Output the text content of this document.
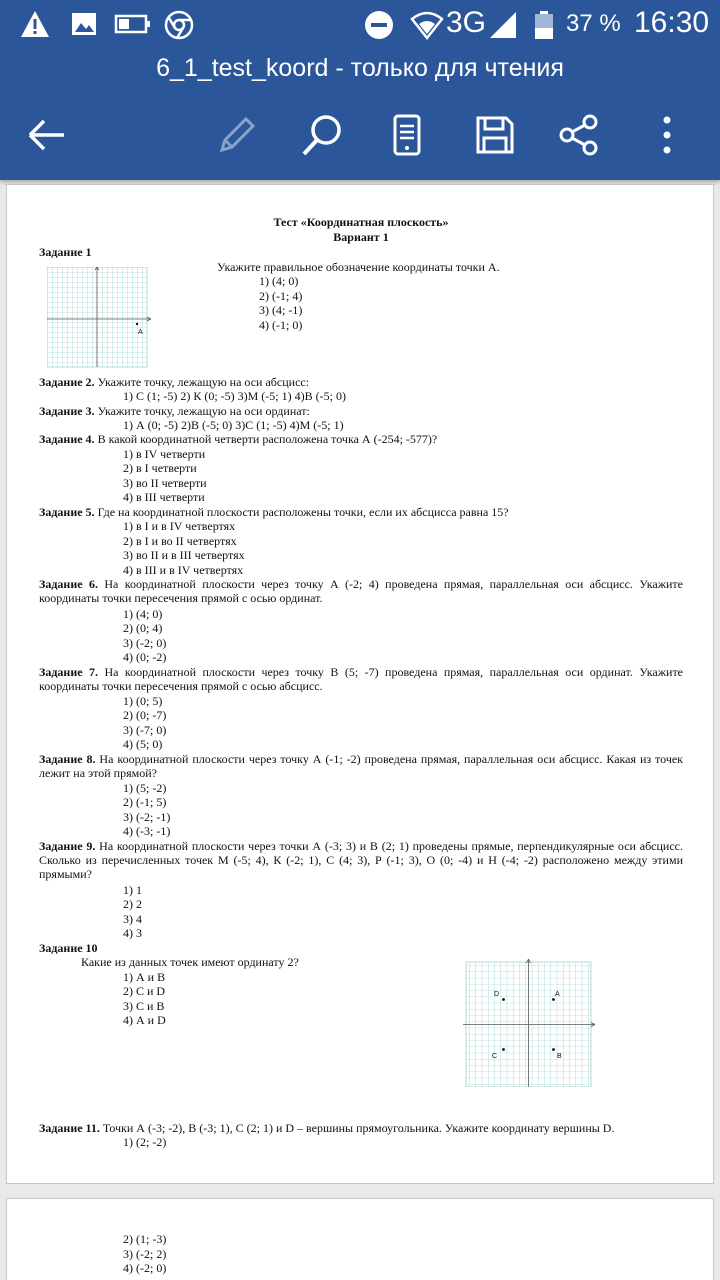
3G	37 % 16:30
6_1_test_koord - только для чтения
Тест «Координатная плоскость»
Вариант 1
Задание 1
A
Укажите правильное обозначение координаты точки А.
1) (4; 0)
2) (-1; 4)
3) (4; -1)
4) (-1; 0)
Задание 2. Укажите точку, лежащую на оси абсцисс:
1) С (1; -5) 2) К (0; -5) 3)M (-5; 1) 4)B (-5; 0)
Задание 3. Укажите точку, лежащую на оси ординат:
1) А (0; -5) 2)В (-5; 0) 3)C (1; -5) 4)М (-5; 1)
Задание 4. В какой координатной четверти расположена точка А (-254; -577)?
1) в IV четверти
2) в I четверти
3) во II четверти
4) в III четверти
Задание 5. Где на координатной плоскости расположены точки, если их абсцисса равна 15?
1) в I и в IV четвертях
2) в I и во II четвертях
3) во II и в III четвертях
4) в III и в IV четвертях
Задание 6. На координатной плоскости через точку А (-2; 4) проведена прямая, параллельная оси абсцисс. Укажите координаты точки пересечения прямой с осью ординат.
1) (4; 0)
2) (0; 4)
3) (-2; 0)
4) (0; -2)
Задание 7. На координатной плоскости через точку В (5; -7) проведена прямая, параллельная оси ординат. Укажите координаты точки пересечения прямой с осью абсцисс.
1) (0; 5)
2) (0; -7)
3) (-7; 0)
4) (5; 0)
Задание 8. На координатной плоскости через точку А (-1; -2) проведена прямая, параллельная оси абсцисс. Какая из точек лежит на этой прямой?
1) (5; -2)
2) (-1; 5)
3) (-2; -1)
4) (-3; -1)
Задание 9. На координатной плоскости через точки А (-3; 3) и В (2; 1) проведены прямые, перпендикулярные оси абсцисс. Сколько из перечисленных точек M (-5; 4), К (-2; 1), С (4; 3), Р (-1; 3), О (0; -4) и Н (-4; -2) расположено между этими прямыми?
1) 1
2) 2
3) 4
4) 3
Задание 10
Какие из данных точек имеют ординату 2?
1) А и В
2) С и D
3) С и В
4) А и D
D	A
C	B
Задание 11. Точки А (-3; -2), В (-3; 1), С (2; 1) и D – вершины прямоугольника. Укажите координату вершины D.
1) (2; -2)
2) (1; -3)
3) (-2; 2)
4) (-2; 0)
